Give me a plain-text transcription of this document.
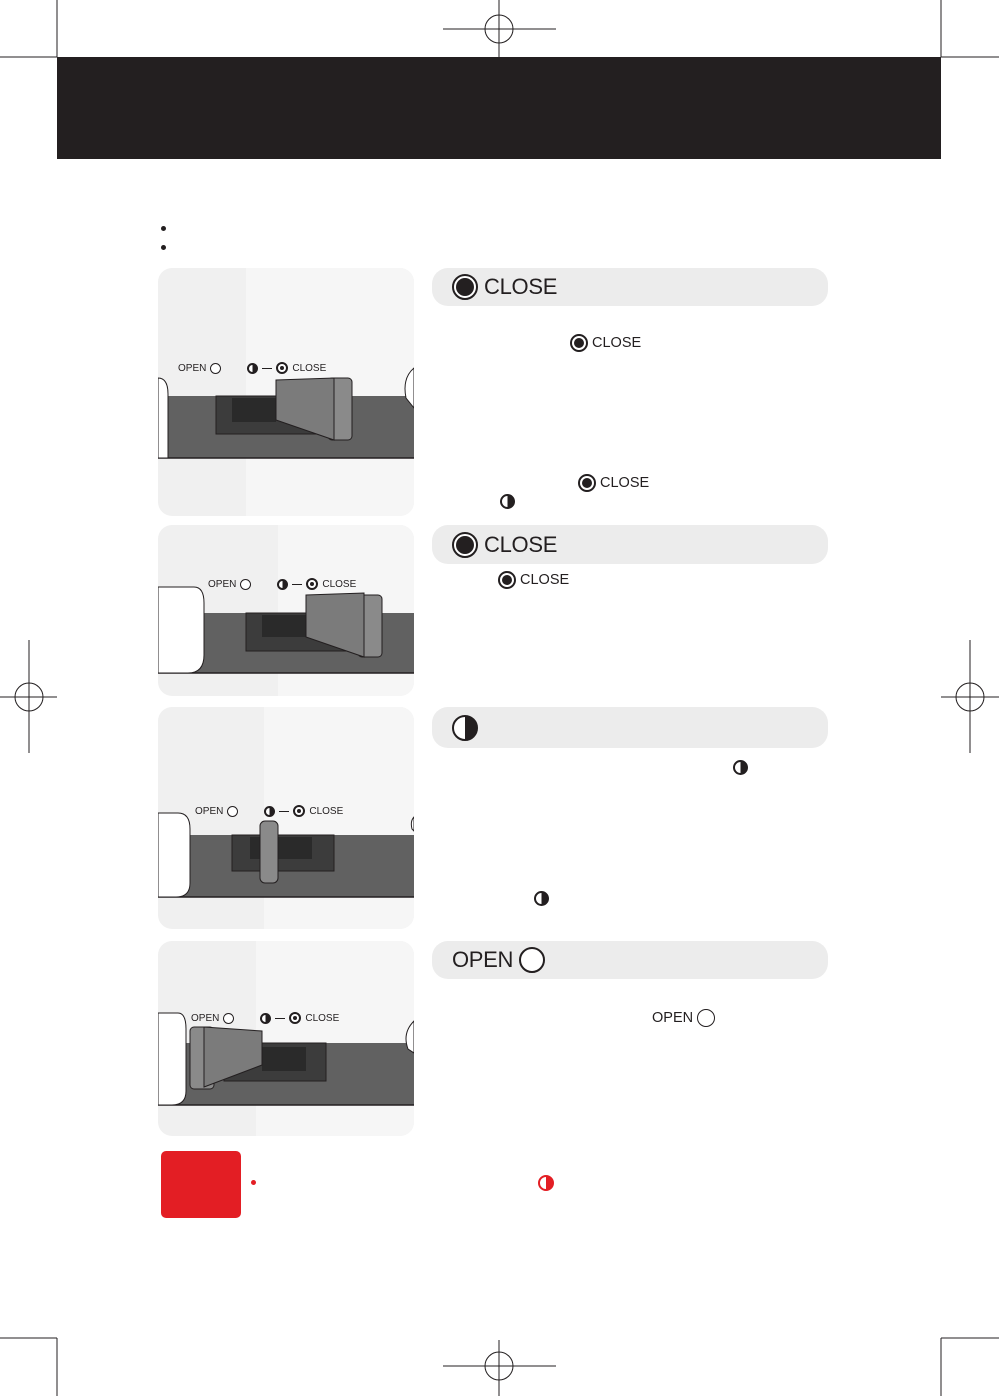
OPEN	CLOSE
CLOSE
CLOSE
CLOSE
OPEN	CLOSE
CLOSE
CLOSE
OPEN	CLOSE
OPEN	CLOSE
OPEN
OPEN
